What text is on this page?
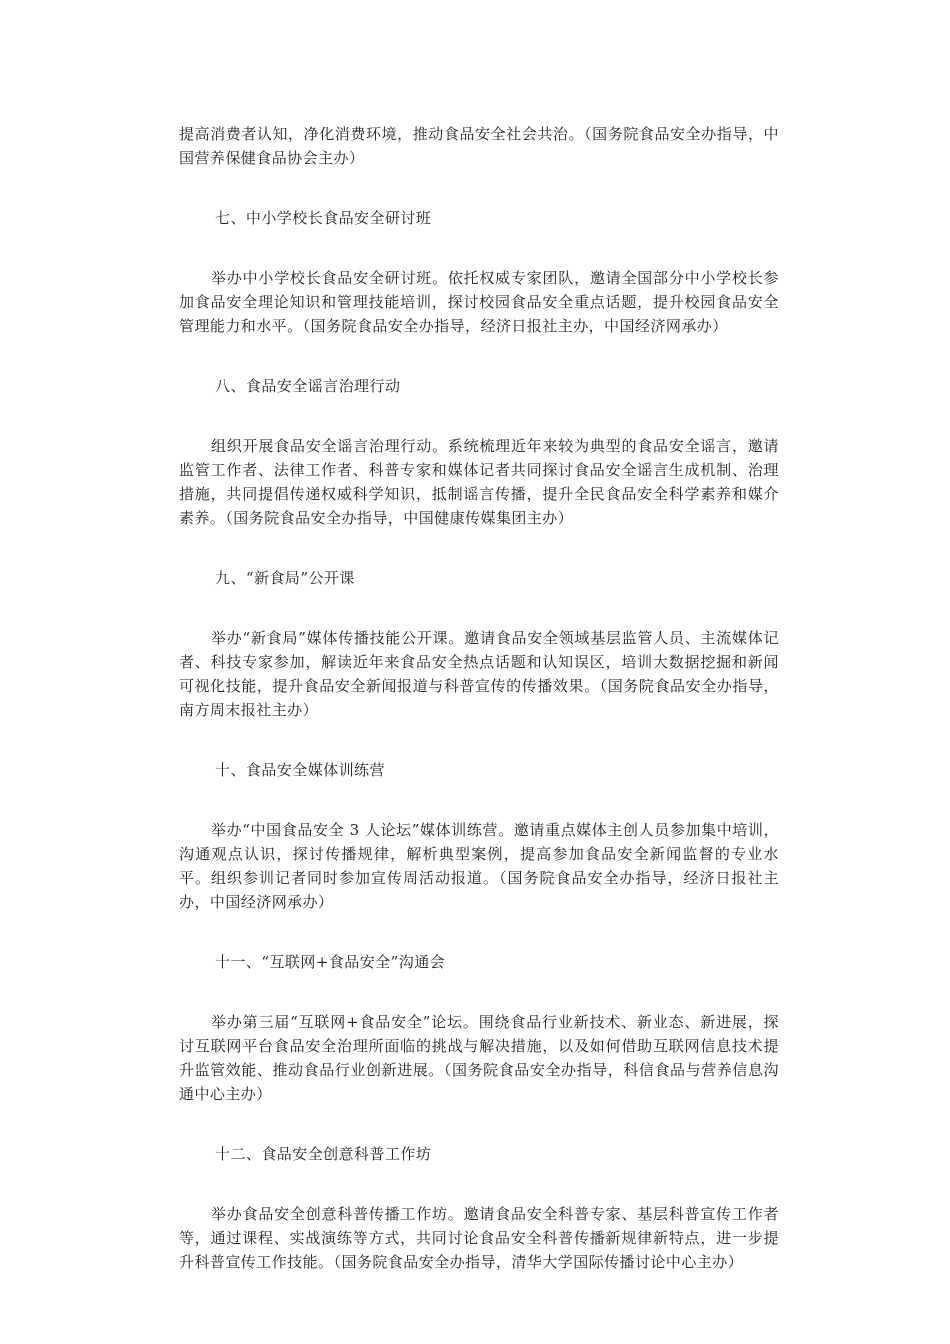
提高消费者认知，净化消费环境，推动食品安全社会共治。（国务院食品安全办指导，中国营养保健食品协会主办）

七、中小学校长食品安全研讨班

举办中小学校长食品安全研讨班。依托权威专家团队，邀请全国部分中小学校长参加食品安全理论知识和管理技能培训，探讨校园食品安全重点话题，提升校园食品安全管理能力和水平。（国务院食品安全办指导，经济日报社主办，中国经济网承办）

八、食品安全谣言治理行动

组织开展食品安全谣言治理行动。系统梳理近年来较为典型的食品安全谣言，邀请监管工作者、法律工作者、科普专家和媒体记者共同探讨食品安全谣言生成机制、治理措施，共同提倡传递权威科学知识，抵制谣言传播，提升全民食品安全科学素养和媒介素养。（国务院食品安全办指导，中国健康传媒集团主办）

九、“新食局”公开课

举办“新食局”媒体传播技能公开课。邀请食品安全领域基层监管人员、主流媒体记者、科技专家参加，解读近年来食品安全热点话题和认知误区，培训大数据挖掘和新闻可视化技能，提升食品安全新闻报道与科普宣传的传播效果。（国务院食品安全办指导，南方周末报社主办）

十、食品安全媒体训练营

举办“中国食品安全 3 人论坛”媒体训练营。邀请重点媒体主创人员参加集中培训，沟通观点认识，探讨传播规律，解析典型案例，提高参加食品安全新闻监督的专业水平。组织参训记者同时参加宣传周活动报道。（国务院食品安全办指导，经济日报社主办，中国经济网承办）

十一、“互联网+食品安全”沟通会

举办第三届“互联网+食品安全”论坛。围绕食品行业新技术、新业态、新进展，探讨互联网平台食品安全治理所面临的挑战与解决措施，以及如何借助互联网信息技术提升监管效能、推动食品行业创新进展。（国务院食品安全办指导，科信食品与营养信息沟通中心主办）

十二、食品安全创意科普工作坊

举办食品安全创意科普传播工作坊。邀请食品安全科普专家、基层科普宣传工作者等，通过课程、实战演练等方式，共同讨论食品安全科普传播新规律新特点，进一步提升科普宣传工作技能。（国务院食品安全办指导，清华大学国际传播讨论中心主办）
